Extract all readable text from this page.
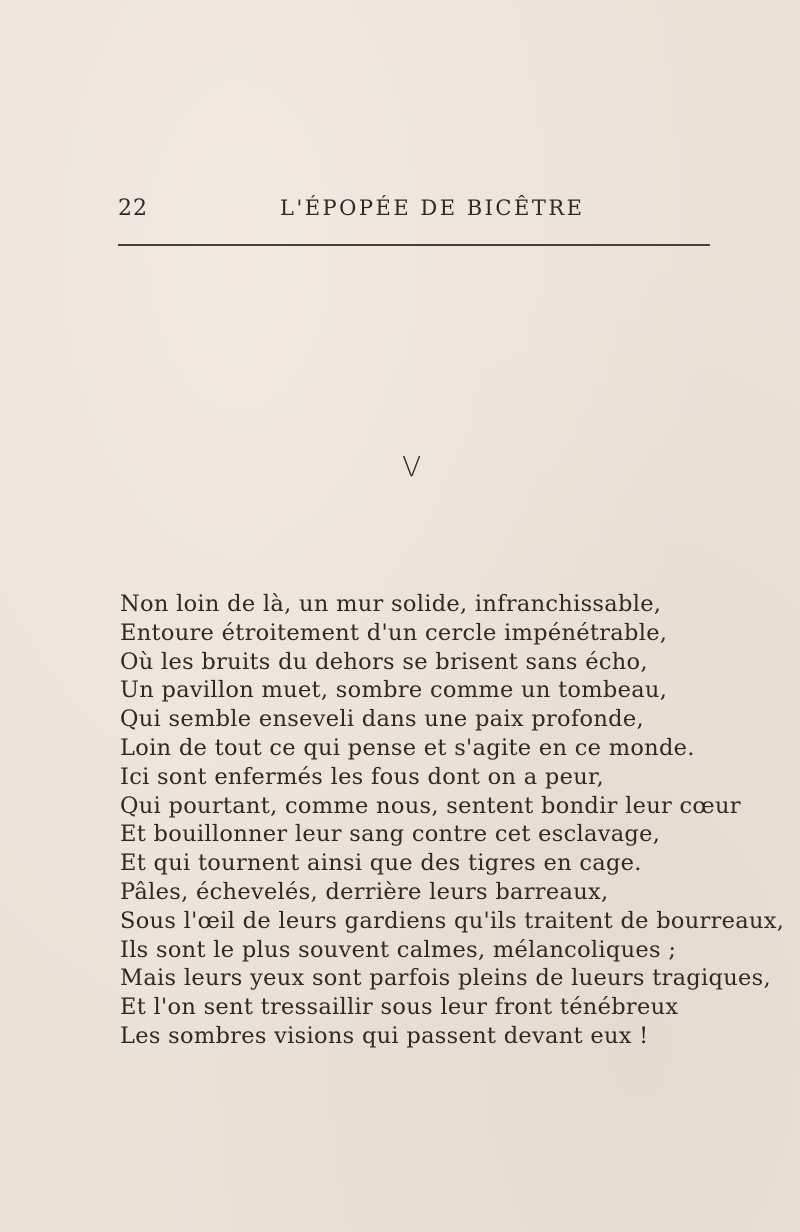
22	L'ÉPOPÉE DE BICÊTRE
V
Non loin de là, un mur solide, infranchissable,
Entoure étroitement d'un cercle impénétrable,
Où les bruits du dehors se brisent sans écho,
Un pavillon muet, sombre comme un tombeau,
Qui semble enseveli dans une paix profonde,
Loin de tout ce qui pense et s'agite en ce monde.
Ici sont enfermés les fous dont on a peur,
Qui pourtant, comme nous, sentent bondir leur cœur
Et bouillonner leur sang contre cet esclavage,
Et qui tournent ainsi que des tigres en cage.
Pâles, échevelés, derrière leurs barreaux,
Sous l'œil de leurs gardiens qu'ils traitent de bourreaux,
Ils sont le plus souvent calmes, mélancoliques ;
Mais leurs yeux sont parfois pleins de lueurs tragiques,
Et l'on sent tressaillir sous leur front ténébreux
Les sombres visions qui passent devant eux !
